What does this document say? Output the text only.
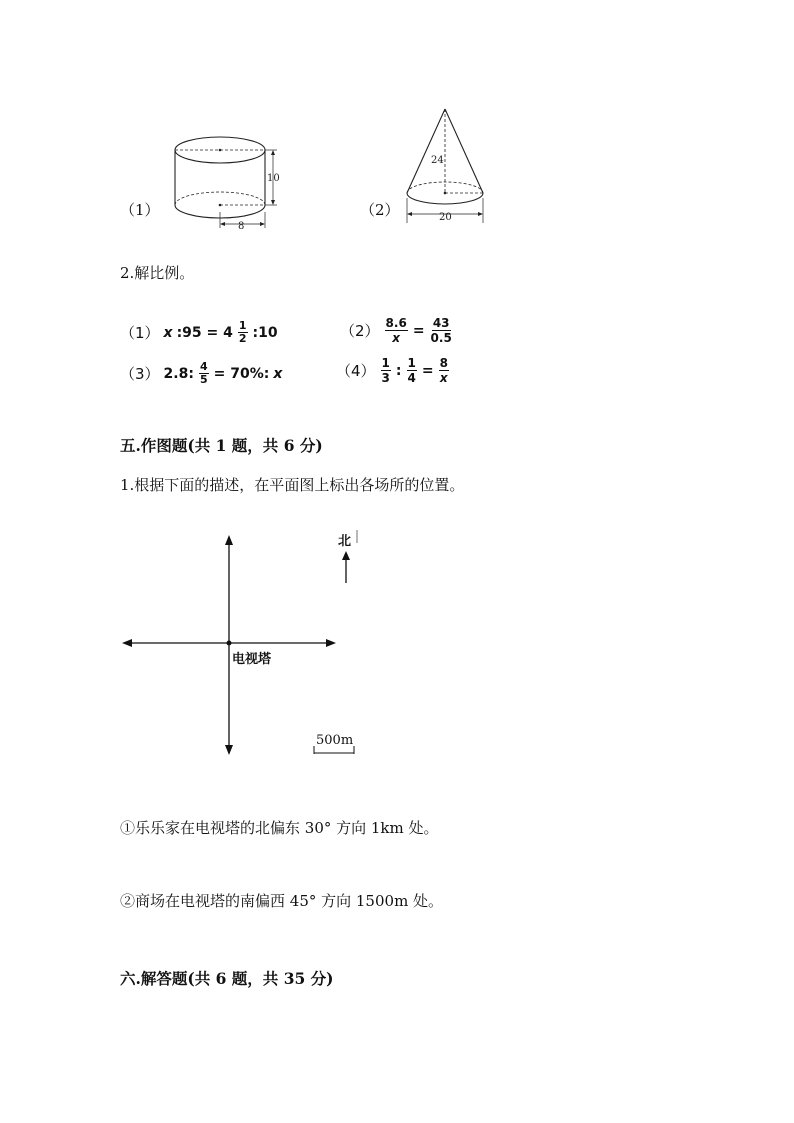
（1）
10
8
（2）
24
20
2.解比例。
（1） x :95 = $4 \frac{1}{2}$ :10	$(2) \frac{8.6}{x} = \frac{43}{0.5}$
（3） 2.8: $\frac{4}{5} = 70\%$: x	$(4) \frac{1}{3}$ : $\frac{1}{4} = \frac{8}{x}$
五.作图题(共 1 题，共 6 分)
1.根据下面的描述，在平面图上标出各场所的位置。
北
电视塔
500m
①乐乐家在电视塔的北偏东 30° 方向 1km 处。
②商场在电视塔的南偏西 45° 方向 1500m 处。
六.解答题(共 6 题，共 35 分)
